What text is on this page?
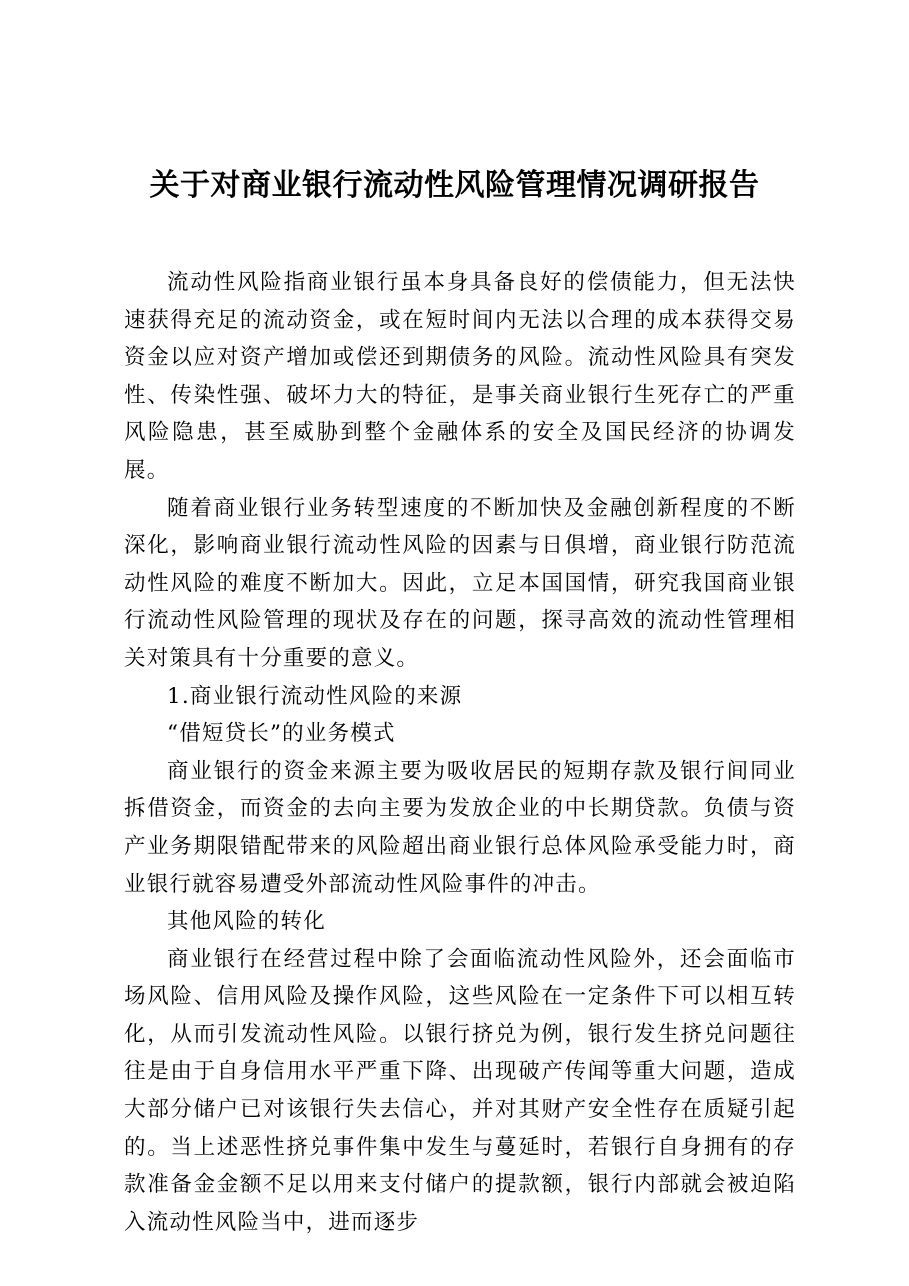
关于对商业银行流动性风险管理情况调研报告

流动性风险指商业银行虽本身具备良好的偿债能力，但无法快速获得充足的流动资金，或在短时间内无法以合理的成本获得交易资金以应对资产增加或偿还到期债务的风险。流动性风险具有突发性、传染性强、破坏力大的特征，是事关商业银行生死存亡的严重风险隐患，甚至威胁到整个金融体系的安全及国民经济的协调发展。

随着商业银行业务转型速度的不断加快及金融创新程度的不断深化，影响商业银行流动性风险的因素与日俱增，商业银行防范流动性风险的难度不断加大。因此，立足本国国情，研究我国商业银行流动性风险管理的现状及存在的问题，探寻高效的流动性管理相关对策具有十分重要的意义。

1.商业银行流动性风险的来源

“借短贷长”的业务模式

商业银行的资金来源主要为吸收居民的短期存款及银行间同业拆借资金，而资金的去向主要为发放企业的中长期贷款。负债与资产业务期限错配带来的风险超出商业银行总体风险承受能力时，商业银行就容易遭受外部流动性风险事件的冲击。

其他风险的转化

商业银行在经营过程中除了会面临流动性风险外，还会面临市场风险、信用风险及操作风险，这些风险在一定条件下可以相互转化，从而引发流动性风险。以银行挤兑为例，银行发生挤兑问题往往是由于自身信用水平严重下降、出现破产传闻等重大问题，造成大部分储户已对该银行失去信心，并对其财产安全性存在质疑引起的。当上述恶性挤兑事件集中发生与蔓延时，若银行自身拥有的存款准备金金额不足以用来支付储户的提款额，银行内部就会被迫陷入流动性风险当中，进而逐步
